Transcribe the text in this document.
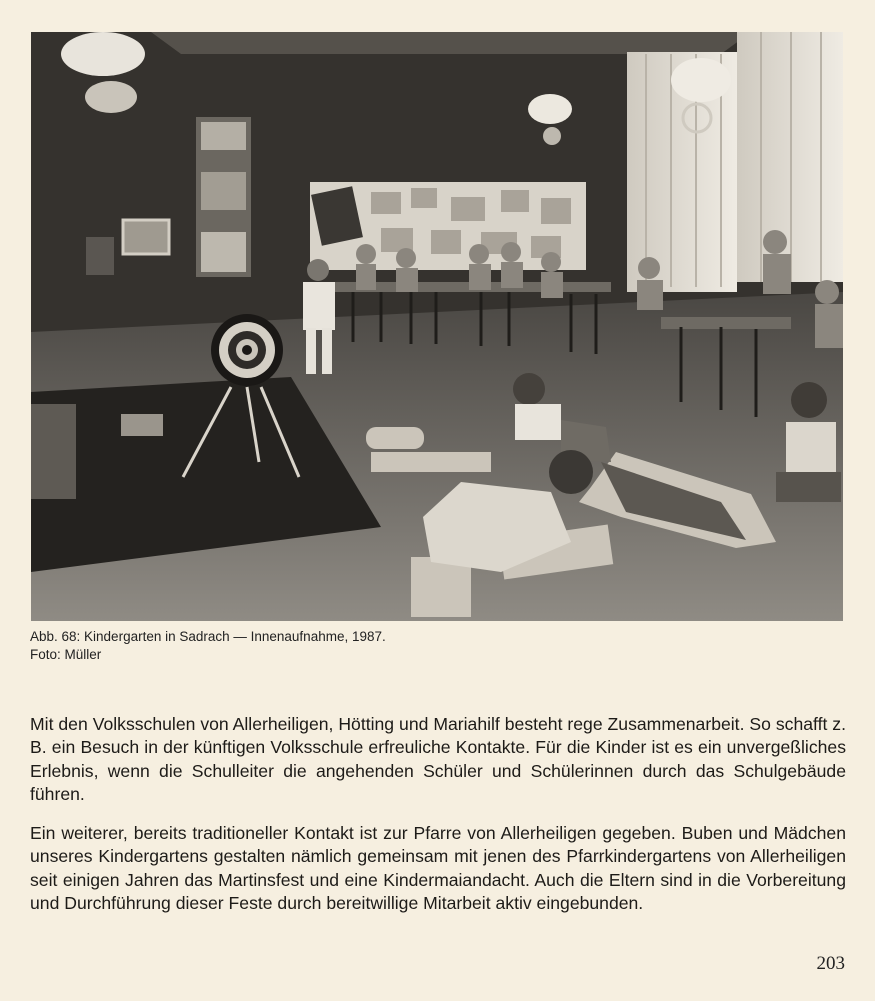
Abb. 68: Kindergarten in Sadrach — Innenaufnahme, 1987.
Foto: Müller

Mit den Volksschulen von Allerheiligen, Hötting und Mariahilf besteht rege Zusammenarbeit. So schafft z. B. ein Besuch in der künftigen Volksschule erfreuliche Kontakte. Für die Kinder ist es ein unvergeßliches Erlebnis, wenn die Schulleiter die angehenden Schüler und Schülerinnen durch das Schulgebäude führen.

Ein weiterer, bereits traditioneller Kontakt ist zur Pfarre von Allerheiligen gegeben. Buben und Mädchen unseres Kindergartens gestalten nämlich gemeinsam mit jenen des Pfarrkindergartens von Allerheiligen seit einigen Jahren das Martinsfest und eine Kindermaiandacht. Auch die Eltern sind in die Vorbereitung und Durchführung dieser Feste durch bereitwillige Mitarbeit aktiv eingebunden.

203
